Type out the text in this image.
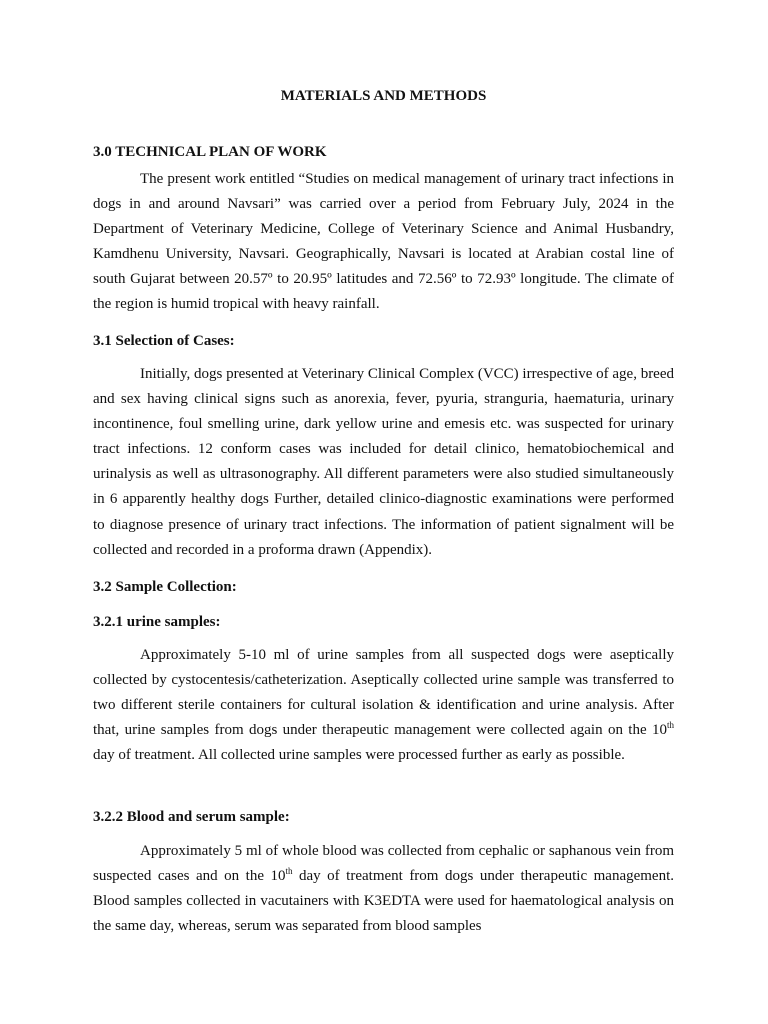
MATERIALS AND METHODS
3.0 TECHNICAL PLAN OF WORK
The present work entitled “Studies on medical management of urinary tract infections in dogs in and around Navsari” was carried over a period from February July, 2024 in the Department of Veterinary Medicine, College of Veterinary Science and Animal Husbandry, Kamdhenu University, Navsari. Geographically, Navsari is located at Arabian costal line of south Gujarat between 20.57º to 20.95º latitudes and 72.56º to 72.93º longitude. The climate of the region is humid tropical with heavy rainfall.
3.1 Selection of Cases:
Initially, dogs presented at Veterinary Clinical Complex (VCC) irrespective of age, breed and sex having clinical signs such as anorexia, fever, pyuria, stranguria, haematuria, urinary incontinence, foul smelling urine, dark yellow urine and emesis etc. was suspected for urinary tract infections. 12 conform cases was included for detail clinico, hematobiochemical and urinalysis as well as ultrasonography. All different parameters were also studied simultaneously in 6 apparently healthy dogs Further, detailed clinico-diagnostic examinations were performed to diagnose presence of urinary tract infections. The information of patient signalment will be collected and recorded in a proforma drawn (Appendix).
3.2 Sample Collection:
3.2.1 urine samples:
Approximately 5-10 ml of urine samples from all suspected dogs were aseptically collected by cystocentesis/catheterization. Aseptically collected urine sample was transferred to two different sterile containers for cultural isolation & identification and urine analysis. After that, urine samples from dogs under therapeutic management were collected again on the 10th day of treatment. All collected urine samples were processed further as early as possible.
3.2.2 Blood and serum sample:
Approximately 5 ml of whole blood was collected from cephalic or saphanous vein from suspected cases and on the 10th day of treatment from dogs under therapeutic management. Blood samples collected in vacutainers with K3EDTA were used for haematological analysis on the same day, whereas, serum was separated from blood samples
